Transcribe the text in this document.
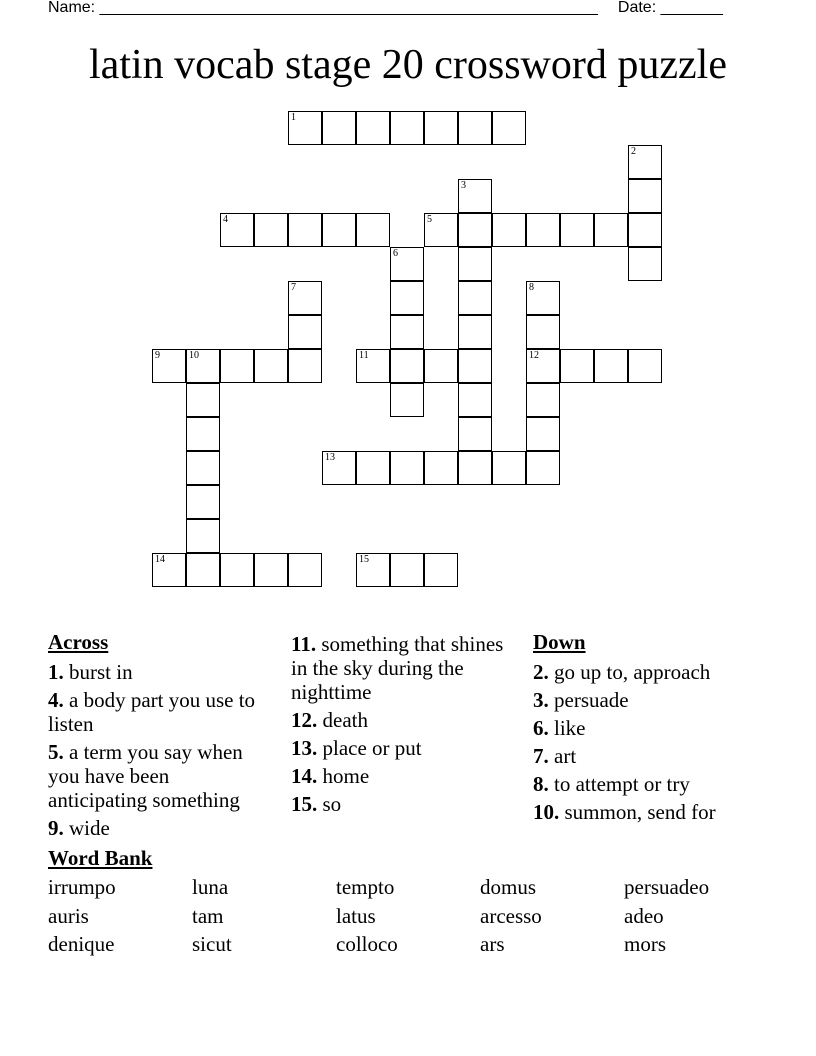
Name: ________________________________________________________ Date: _______
latin vocab stage 20 crossword puzzle
1
2
3
4	5
6
7	8
12
9	10	11
13
14	15
Across
1. burst in
4. a body part you use to listen
5. a term you say when you have been anticipating something
9. wide
11. something that shines in the sky during the nighttime
12. death
13. place or put
14. home
15. so
Down
2. go up to, approach
3. persuade
6. like
7. art
8. to attempt or try
10. summon, send for
Word Bank
irrumpo	luna	tempto	domus	persuadeo
auris	tam	latus	arcesso	adeo
denique	sicut	colloco	ars	mors
